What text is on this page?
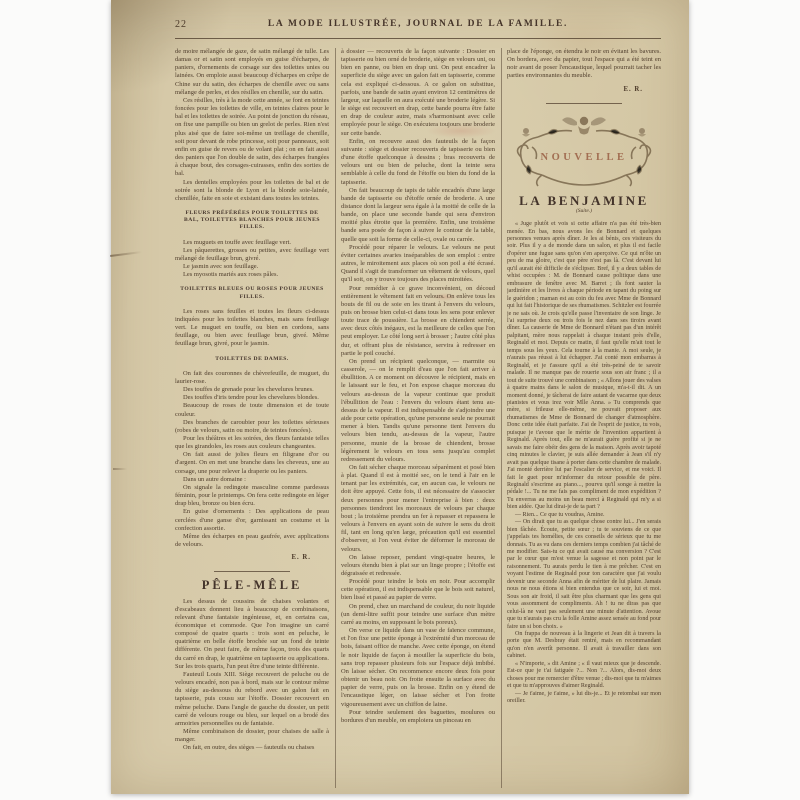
22	LA MODE ILLUSTRÉE, JOURNAL DE LA FAMILLE.

de moire mélangée de gaze, de satin mélangé de tulle. Les damas or et satin sont employés en guise d'écharpes, de paniers, d'ornements de corsage sur des toilettes unies ou lainées. On emploie aussi beaucoup d'écharpes en crêpe de Chine sur du satin, des écharpes de chenille avec ou sans mélange de perles, et des résilles en chenille, sur du satin.

Ces résilles, très à la mode cette année, se font en teintes foncées pour les toilettes de ville, en teintes claires pour le bal et les toilettes de soirée. Au point de jonction du réseau, on fixe une pampille ou bien un grelot de perles. Rien n'est plus aisé que de faire soi-même un treillage de chenille, soit pour devant de robe princesse, soit pour panneaux, soit enfin en guise de revers ou de volant plat ; on en fait aussi des paniers que l'on double de satin, des écharpes frangées à chaque bout, des corsages-cuirasses, enfin des sorties de bal.

Les dentelles employées pour les toilettes de bal et de soirée sont la blonde de Lyon et la blonde soie-lainée, chenillée, faite en soie et existant dans toutes les teintes.

FLEURS PRÉFÉRÉES POUR TOILETTES DE BAL, TOILETTES BLANCHES POUR JEUNES FILLES.

Les muguets en touffe avec feuillage vert.

Les pâquerettes, grosses ou petites, avec feuillage vert mélangé de feuillage brun, givré.

Le jasmin avec son feuillage.

Les myosotis mariés aux roses pâles.

TOILETTES BLEUES OU ROSES POUR JEUNES FILLES.

Les roses sans feuilles et toutes les fleurs ci-dessus indiquées pour les toilettes blanches, mais sans feuillage vert. Le muguet en touffe, ou bien en cordons, sans feuillage, ou bien avec feuillage brun, givré. Même feuillage brun, givré, pour le jasmin.

TOILETTES DE DAMES.

On fait des couronnes de chèvrefeuille, de muguet, du laurier-rose.

Des touffes de grenade pour les chevelures brunes.

Des touffes d'iris tendre pour les chevelures blondes.

Beaucoup de roses de toute dimension et de toute couleur.

Des branches de caroubier pour les toilettes sérieuses (robes de velours, satin ou moire, de teintes foncées).

Pour les théâtres et les soirées, des fleurs fantaisie telles que les girandoles, les roses aux couleurs changeantes.

On fait aussi de jolies fleurs en filigrane d'or ou d'argent. On en met une branche dans les cheveux, une au corsage, une pour relever la draperie ou les paniers.

Dans un autre domaine :

On signale la redingote masculine comme pardessus féminin, pour le printemps. On fera cette redingote en léger drap bleu, bronze ou bien écru.

En guise d'ornements : Des applications de peau cerclées d'une ganse d'or, garnissant un costume et la confection assortie.

Même des écharpes en peau gaufrée, avec applications de velours.

E. R.
PÊLE-MÊLE

Les dessus de coussins de chaises volantes et d'escabeaux donnent lieu à beaucoup de combinaisons, relevant d'une fantaisie ingénieuse, et, en certains cas, économique et commode. Que l'on imagine un carré composé de quatre quarts : trois sont en peluche, le quatrième en belle étoffe brochée sur un fond de teinte différente. On peut faire, de même façon, trois des quarts du carré en drap, le quatrième en tapisserie ou applications. Sur les trois quarts, l'un peut être d'une teinte différente.

Fauteuil Louis XIII. Siège recouvert de peluche ou de velours encadré, non pas à bord, mais sur le contour même du siège au-dessous du rebord avec un galon fait en tapisserie, puis cousu sur l'étoffe. Dossier recouvert en même peluche. Dans l'angle de gauche du dossier, un petit carré de velours rouge ou bleu, sur lequel on a brodé des armoiries personnelles ou de fantaisie.

Même combinaison de dossier, pour chaises de salle à manger.

On fait, en outre, des sièges — fauteuils ou chaises

à dossier — recouverts de la façon suivante : Dossier en tapisserie ou bien orné de broderie, siège en velours uni, ou bien en panne, ou bien en drap uni. On peut encadrer la superficie du siège avec un galon fait en tapisserie, comme cela est expliqué ci-dessous. A ce galon on substitue, parfois, une bande de satin ayant environ 12 centimètres de largeur, sur laquelle on aura exécuté une broderie légère. Si le siège est recouvert en drap, cette bande pourra être faite en drap de couleur autre, mais s'harmonisant avec celle employée pour le siège. On exécutera toujours une broderie sur cette bande.

Enfin, on recouvre aussi des fauteuils de la façon suivante : siège et dossier recouverts de tapisserie ou bien d'une étoffe quelconque à dessins ; bras recouverts de velours uni ou bien de peluche, dont la teinte sera semblable à celle du fond de l'étoffe ou bien du fond de la tapisserie.

On fait beaucoup de tapis de table encadrés d'une large bande de tapisserie ou d'étoffe ornée de broderie. A une distance dont la largeur sera égale à la moitié de celle de la bande, on place une seconde bande qui sera d'environ moitié plus étroite que la première. Enfin, une troisième bande sera posée de façon à suivre le contour de la table, quelle que soit la forme de celle-ci, ovale ou carrée.

Procédé pour réparer le velours. Le velours ne peut éviter certaines avaries inséparables de son emploi : entre autres, le miroitement aux places où son poil a été écrasé. Quand il s'agit de transformer un vêtement de velours, quel qu'il soit, on y trouve toujours des places miroitées.

Pour remédier à ce grave inconvénient, on découd entièrement le vêtement fait en velours. On enlève tous les bouts de fil ou de soie en les tirant à l'envers du velours, puis on brosse bien celui-ci dans tous les sens pour enlever toute trace de poussière. La brosse en chiendent serrée, avec deux côtés inégaux, est la meilleure de celles que l'on peut employer. Le côté long sert à brosser ; l'autre côté plus dur, et offrant plus de résistance, servira à redresser en partie le poil couché.

On prend un récipient quelconque, — marmite ou casserole, — on le remplit d'eau que l'on fait arriver à ébullition. A ce moment on découvre le récipient, mais en le laissant sur le feu, et l'on expose chaque morceau du velours au-dessus de la vapeur continue que produit l'ébullition de l'eau : l'envers du velours étant tenu au-dessus de la vapeur. Il est indispensable de s'adjoindre une aide pour cette opération, qu'une personne seule ne pourrait mener à bien. Tandis qu'une personne tient l'envers du velours bien tendu, au-dessus de la vapeur, l'autre personne, munie de la brosse de chiendent, brosse légèrement le velours en tous sens jusqu'au complet redressement du velours.

On fait sécher chaque morceau séparément et posé bien à plat. Quand il est à moitié sec, on le tend à l'air en le tenant par les extrémités, car, en aucun cas, le velours ne doit être appuyé. Cette fois, il est nécessaire de s'associer deux personnes pour mener l'entreprise à bien : deux personnes tiendront les morceaux de velours par chaque bout ; la troisième prendra un fer à repasser et repassera le velours à l'envers en ayant soin de suivre le sens du droit fil, tant en long qu'en large, précaution qu'il est essentiel d'observer, si l'on veut éviter de déformer le morceau de velours.

On laisse reposer, pendant vingt-quatre heures, le velours étendu bien à plat sur un linge propre ; l'étoffe est dégraissée et redressée.

Procédé pour teindre le bois en noir. Pour accomplir cette opération, il est indispensable que le bois soit naturel, bien lissé et passé au papier de verre.

On prend, chez un marchand de couleur, du noir liquide (un demi-litre suffit pour teindre une surface d'un mètre carré au moins, en supposant le bois poreux).

On verse ce liquide dans un vase de faïence commune, et l'on fixe une petite éponge à l'extrémité d'un morceau de bois, faisant office de manche. Avec cette éponge, on étend le noir liquide de façon à mouiller la superficie du bois, sans trop repasser plusieurs fois sur l'espace déjà imbibé. On laisse sécher. On recommence encore deux fois pour obtenir un beau noir. On frotte ensuite la surface avec du papier de verre, puis on la brosse. Enfin on y étend de l'encaustique léger, on laisse sécher et l'on frotte vigoureusement avec un chiffon de laine.

Pour teindre seulement des baguettes, moulures ou bordures d'un meuble, on emploiera un pinceau en

place de l'éponge, on étendra le noir en évitant les bavures. On bordera, avec du papier, tout l'espace qui a été teint en noir avant de poser l'encaustique, lequel pourrait tacher les parties environnantes du meuble.

E. R.
NOUVELLE
LA BENJAMINE
(Suite.)

« Juge plutôt et vois si cette affaire n'a pas été très-bien menée. En bas, nous avons les de Bonnard et quelques personnes venues après dîner. Je les ai bénis, ces visiteurs du soir. Plus il y a de monde dans un salon, et plus il est facile d'opérer une fugue sans qu'on s'en aperçoive. Ce qui m'ôte un peu de ma gloire, c'est que père n'est pas là. C'est devant lui qu'il aurait été difficile de s'éclipser. Bref, il y a deux tables de whist occupées : M. de Bonnard cause politique dans une embrasure de fenêtre avec M. Barret ; ils font sauter la jardinière et les livres à chaque période en tapant du poing sur le guéridon ; maman est au coin du feu avec Mme de Bonnard qui lui fait l'historique de ses rhumatismes. Schitzler est fourrée je ne sais où. Je crois qu'elle passe l'inventaire de son linge. Je l'ai surprise deux ou trois fois le nez dans ses tiroirs avant dîner. La causerie de Mme de Bonnard n'étant pas d'un intérêt palpitant, mère nous rappelait à chaque instant près d'elle, Reginald et moi. Depuis ce matin, il faut qu'elle m'ait tout le temps sous les yeux. Cela tourne à la manie. A moi seule, je n'aurais pas réussi à lui échapper. J'ai conté mon embarras à Reginald, et je t'assure qu'il a été très-peiné de te savoir malade. Il ne manque pas de rouerie sous son air franc ; il a tout de suite trouvé une combinaison ; « Allons jouer des valses à quatre mains dans le salon de musique, m'a-t-il dit. A un moment donné, je tâcherai de faire autant de vacarme que deux pianistes et vous irez voir Mlle Anna. » Tu comprends que mère, si frileuse elle-même, ne pouvait proposer aux rhumatismes de Mme de Bonnard de changer d'atmosphère. Donc cette idée était parfaite. J'ai de l'esprit de justice, tu vois, puisque je t'avoue que le mérite de l'invention appartient à Reginald. Après tout, elle ne m'aurait guère profité si je ne savais me faire obéir des gens de la maison. Après avoir tapoté cinq minutes le clavier, je suis allée demander à Jean s'il n'y avait pas quelque tisane à porter dans cette chambre de malade. J'ai monté derrière lui par l'escalier de service, et me voici. Il fait le guet pour m'informer du retour possible de père. Reginald s'escrime au piano..., pourvu qu'il songe à mettre la pédale !... Tu ne me fais pas compliment de mon expédition ? Tu enverras au moins un beau merci à Reginald qui m'y a si bien aidée. Que lui dirai-je de ta part ?

— Rien... Ce que tu voudras, Amine.

— On dirait que tu as quelque chose contre lui... J'en serais bien fâchée. Écoute, petite sœur ; tu te souviens de ce que j'appelais tes homélies, de ces conseils de sérieux que tu me donnais. Tu as vu dans ces derniers temps combien j'ai tâché de me modifier. Sais-tu ce qui avait causé ma conversion ? C'est par le cœur que m'est venue la sagesse et non point par le raisonnement. Tu aurais perdu le tien à me prêcher. C'est en voyant l'estime de Reginald pour ton caractère que j'ai voulu devenir une seconde Anna afin de mériter de lui plaire. Jamais nous ne nous étions si bien entendus que ce soir, lui et moi. Sous son air froid, il sait être plus charmant que les gens qui vous assomment de compliments. Ah ! tu ne diras pas que celui-là ne vaut pas seulement une minute d'attention. Avoue que tu n'aurais pas cru la folle Amine assez sensée au fond pour faire un si bon choix. »

On frappa de nouveau à la lingerie et Jean dit à travers la porte que M. Desbray était rentré, mais en recommandant qu'on n'en avertît personne. Il avait à travailler dans son cabinet.

« N'importe, » dit Amine ; « il vaut mieux que je descende. Est-ce que je t'ai fatiguée ?... Non ?... Alors, dis-moi deux choses pour me remercier d'être venue ; dis-moi que tu m'aimes et que tu m'approuves d'aimer Reginald.

— Je t'aime, je t'aime, » lui dis-je... Et je retombai sur mon oreiller.
